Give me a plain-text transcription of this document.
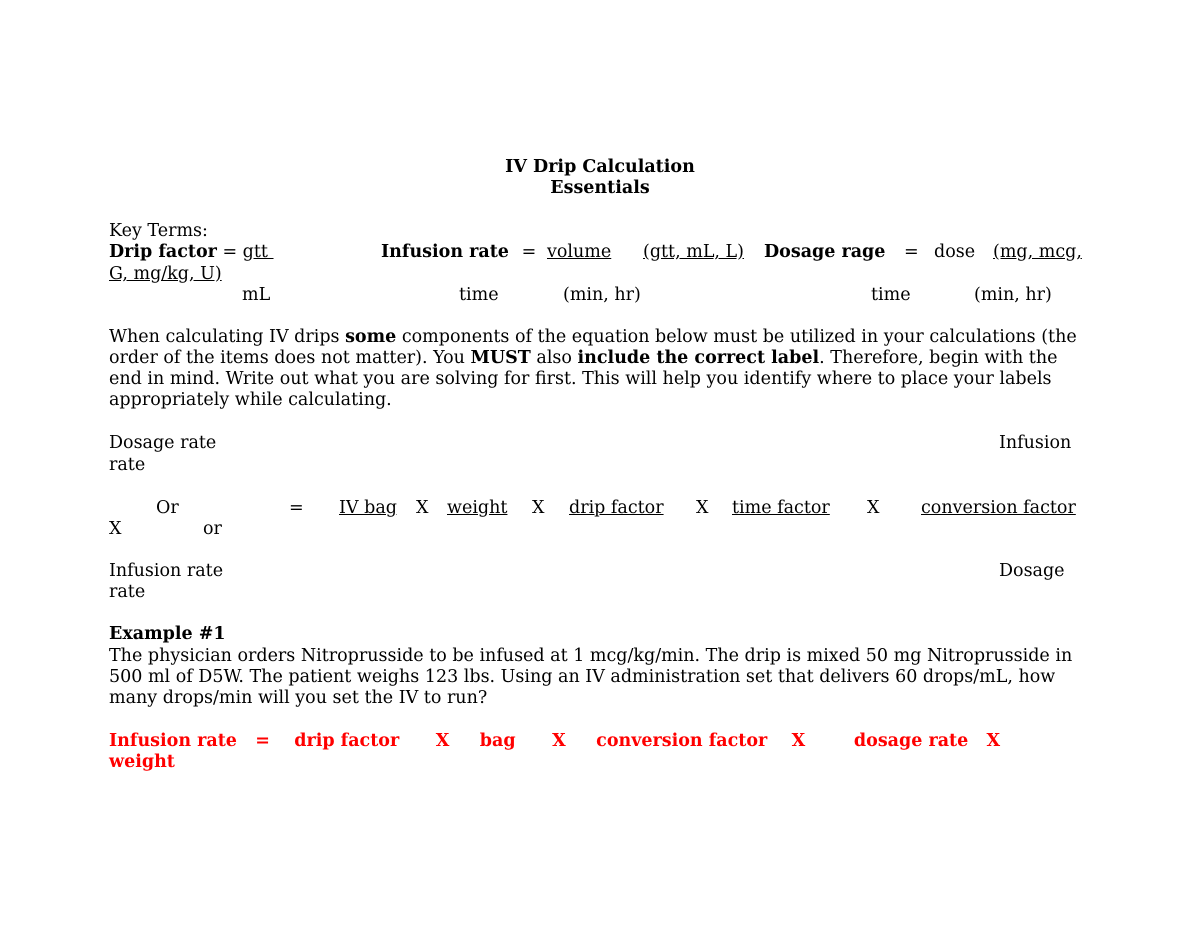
IV Drip Calculation
Essentials
Key Terms:
Drip factor = gtt	Infusion rate = volume (gtt, mL, L) Dosage rage = dose (mg, mcg,
G, mg/kg, U)
mL	time	(min, hr)	time	(min, hr)
When calculating IV drips some components of the equation below must be utilized in your calculations (the order of the items does not matter). You MUST also include the correct label. Therefore, begin with the end in mind. Write out what you are solving for first. This will help you identify where to place your labels appropriately while calculating.
Dosage rate	Infusion
rate
Or	= IV bag X weight X drip factor X time factor X conversion factor
X	or
Infusion rate	Dosage
rate
Example #1
The physician orders Nitroprusside to be infused at 1 mcg/kg/min. The drip is mixed 50 mg Nitroprusside in 500 ml of D5W. The patient weighs 123 lbs. Using an IV administration set that delivers 60 drops/mL, how many drops/min will you set the IV to run?
Infusion rate   =    drip factor      X     bag      X     conversion factor    X        dosage rate   X
weight
